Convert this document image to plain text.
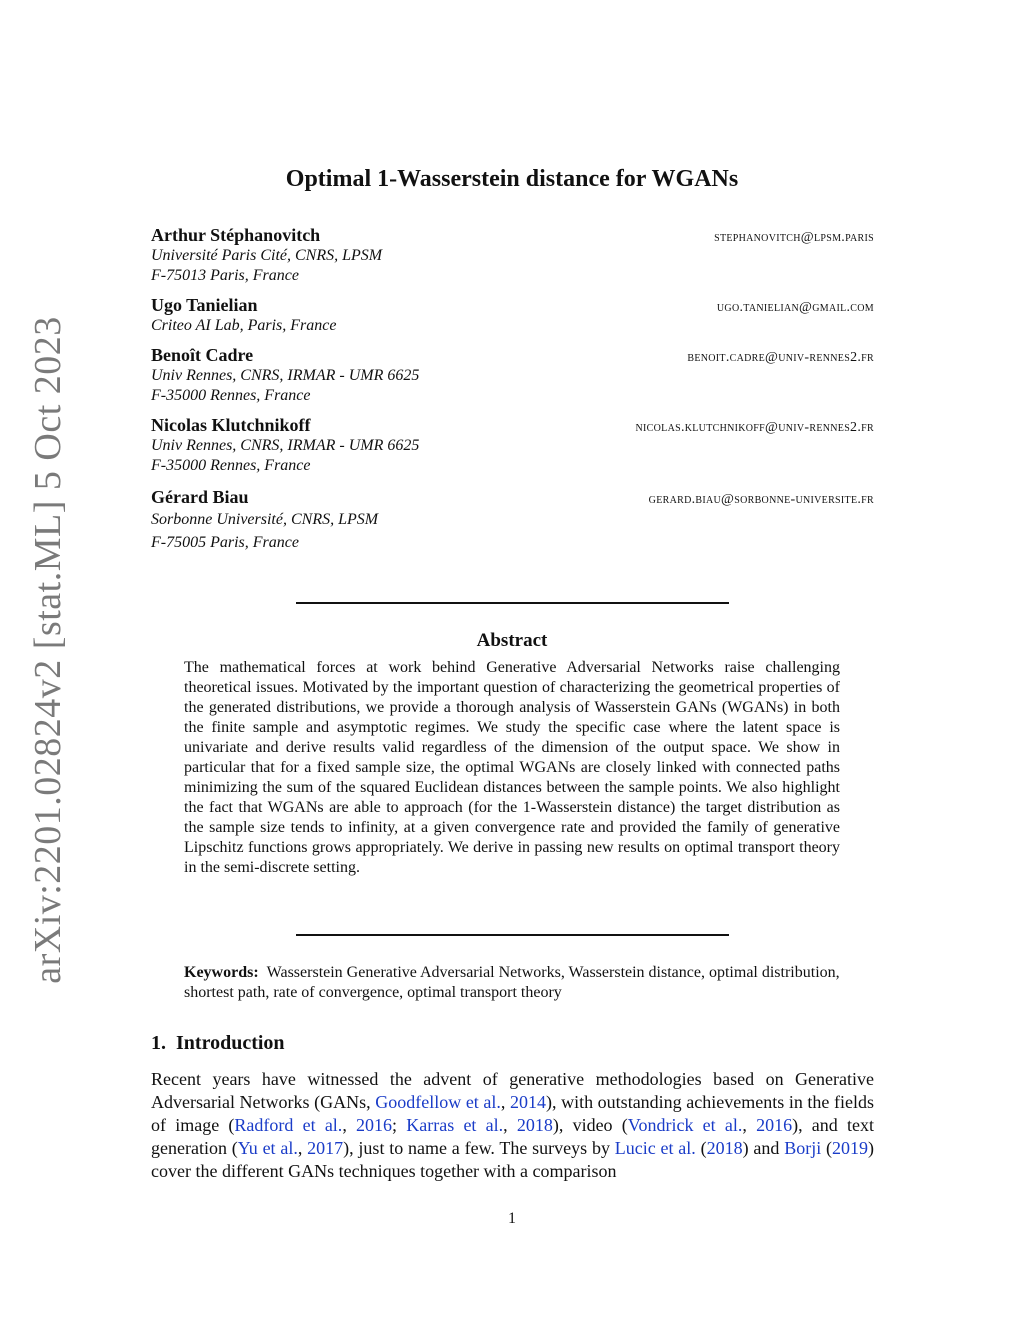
arXiv:2201.02824v2 [stat.ML] 5 Oct 2023
Optimal 1-Wasserstein distance for WGANs
Arthur Stéphanovitch	stephanovitch@lpsm.paris
Université Paris Cité, CNRS, LPSM
F-75013 Paris, France
Ugo Tanielian	ugo.tanielian@gmail.com
Criteo AI Lab, Paris, France
Benoît Cadre	benoit.cadre@univ-rennes2.fr
Univ Rennes, CNRS, IRMAR - UMR 6625
F-35000 Rennes, France
Nicolas Klutchnikoff	nicolas.klutchnikoff@univ-rennes2.fr
Univ Rennes, CNRS, IRMAR - UMR 6625
F-35000 Rennes, France
Gérard Biau	gerard.biau@sorbonne-universite.fr
Sorbonne Université, CNRS, LPSM
F-75005 Paris, France
Abstract
The mathematical forces at work behind Generative Adversarial Networks raise challenging theoretical issues. Motivated by the important question of characterizing the geometrical properties of the generated distributions, we provide a thorough analysis of Wasserstein GANs (WGANs) in both the finite sample and asymptotic regimes. We study the specific case where the latent space is univariate and derive results valid regardless of the dimension of the output space. We show in particular that for a fixed sample size, the optimal WGANs are closely linked with connected paths minimizing the sum of the squared Euclidean distances between the sample points. We also highlight the fact that WGANs are able to approach (for the 1-Wasserstein distance) the target distribution as the sample size tends to infinity, at a given convergence rate and provided the family of generative Lipschitz functions grows appropriately. We derive in passing new results on optimal transport theory in the semi-discrete setting.
Keywords: Wasserstein Generative Adversarial Networks, Wasserstein distance, optimal distribution, shortest path, rate of convergence, optimal transport theory
1. Introduction
Recent years have witnessed the advent of generative methodologies based on Generative Adversarial Networks (GANs, Goodfellow et al., 2014), with outstanding achievements in the fields of image (Radford et al., 2016; Karras et al., 2018), video (Vondrick et al., 2016), and text generation (Yu et al., 2017), just to name a few. The surveys by Lucic et al. (2018) and Borji (2019) cover the different GANs techniques together with a comparison
1
